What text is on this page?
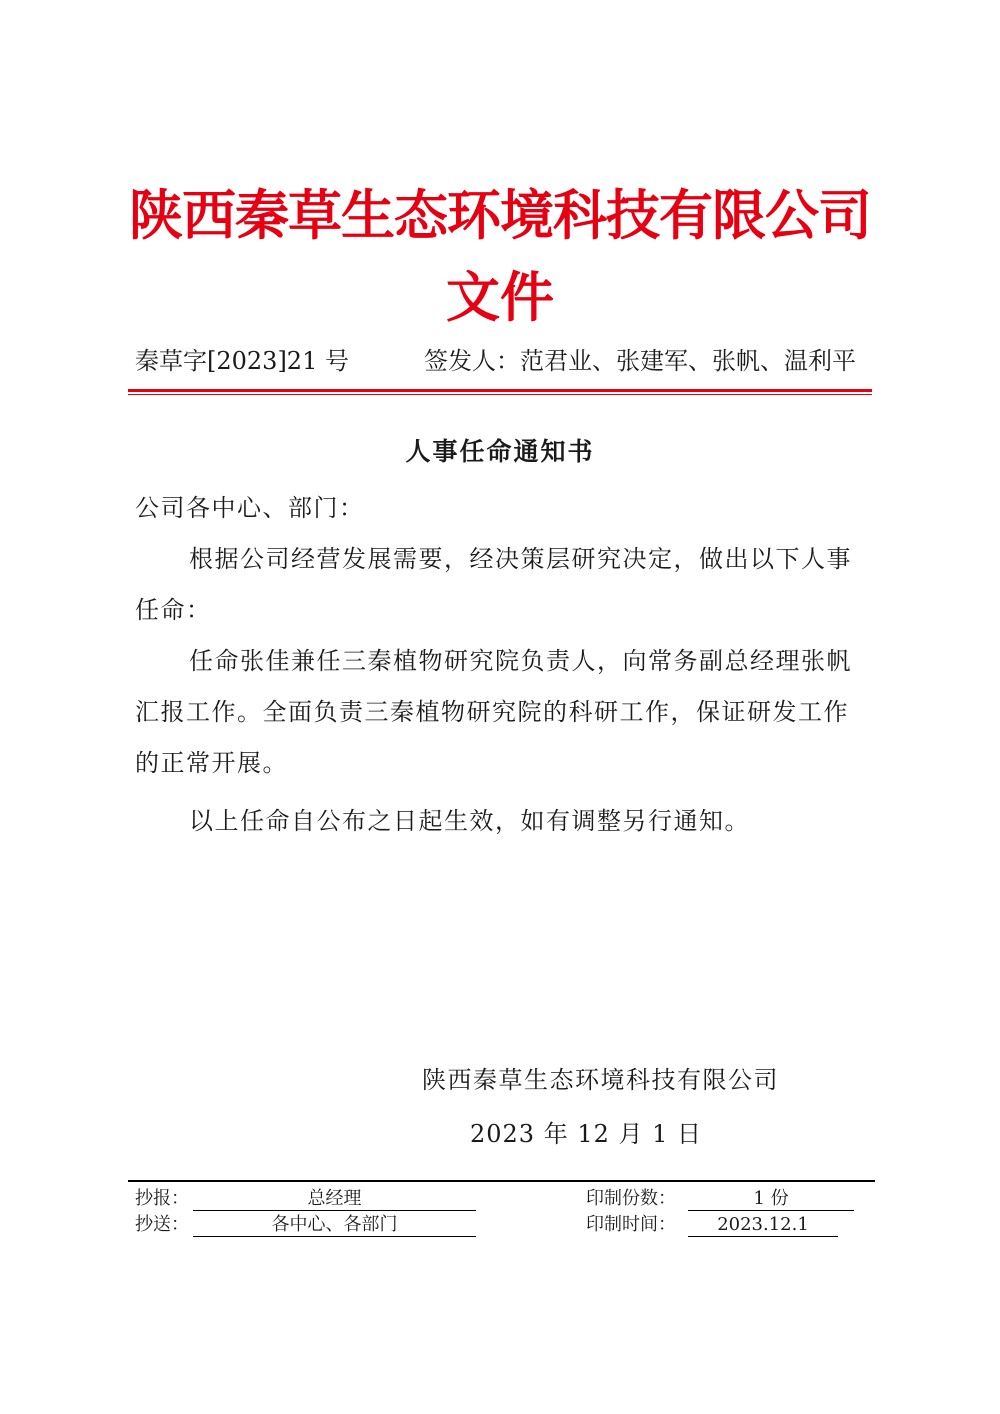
陕西秦草生态环境科技有限公司
文件
秦草字[2023]21 号	签发人：范君业、张建军、张帆、温利平
人事任命通知书
公司各中心、部门：

根据公司经营发展需要，经决策层研究决定，做出以下人事任命：

任命张佳兼任三秦植物研究院负责人，向常务副总经理张帆汇报工作。全面负责三秦植物研究院的科研工作，保证研发工作的正常开展。

以上任命自公布之日起生效，如有调整另行通知。

陕西秦草生态环境科技有限公司
2023 年 12 月 1 日
抄报：	总经理	印制份数：	1 份
抄送：	各中心、各部门	印制时间：	2023.12.1
